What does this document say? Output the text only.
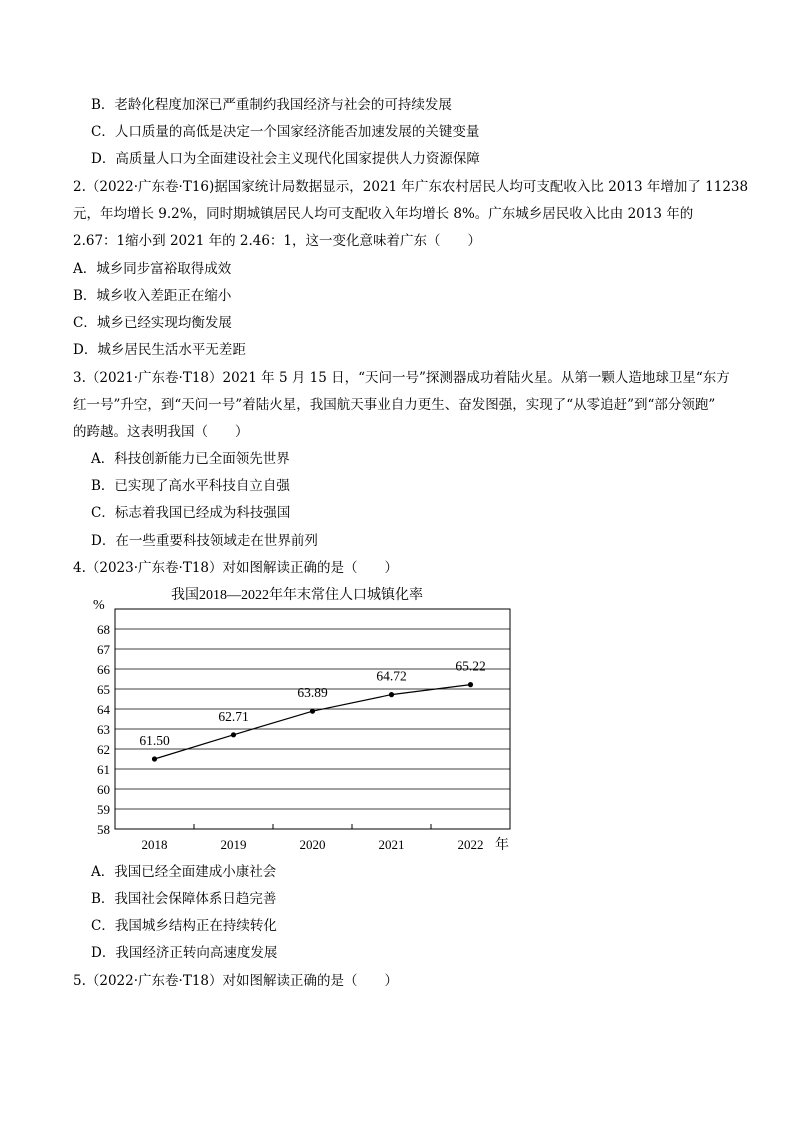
B．老龄化程度加深已严重制约我国经济与社会的可持续发展
C．人口质量的高低是决定一个国家经济能否加速发展的关键变量
D．高质量人口为全面建设社会主义现代化国家提供人力资源保障
2.（2022·广东卷·T16)据国家统计局数据显示，2021 年广东农村居民人均可支配收入比 2013 年增加了 11238
元，年均增长 9.2%，同时期城镇居民人均可支配收入年均增长 8%。广东城乡居民收入比由 2013 年的
2.67：1缩小到 2021 年的 2.46：1，这一变化意味着广东（　　）
A．城乡同步富裕取得成效
B．城乡收入差距正在缩小
C．城乡已经实现均衡发展
D．城乡居民生活水平无差距
3.（2021·广东卷·T18）2021 年 5 月 15 日，“天问一号”探测器成功着陆火星。从第一颗人造地球卫星“东方
红一号”升空，到“天问一号”着陆火星，我国航天事业自力更生、奋发图强，实现了“从零追赶”到“部分领跑”
的跨越。这表明我国（　　）
A．科技创新能力已全面领先世界
B．已实现了高水平科技自立自强
C．标志着我国已经成为科技强国
D．在一些重要科技领域走在世界前列
4.（2023·广东卷·T18）对如图解读正确的是（　　）
我国2018—2022年年末常住人口城镇化率
%
年
58
59
60
61
62
63
64
65
66
67
68
2018	2019	2020	2021	2022
61.50
62.71
63.89
64.72
65.22
A．我国已经全面建成小康社会
B．我国社会保障体系日趋完善
C．我国城乡结构正在持续转化
D．我国经济正转向高速度发展
5.（2022·广东卷·T18）对如图解读正确的是（　　）
